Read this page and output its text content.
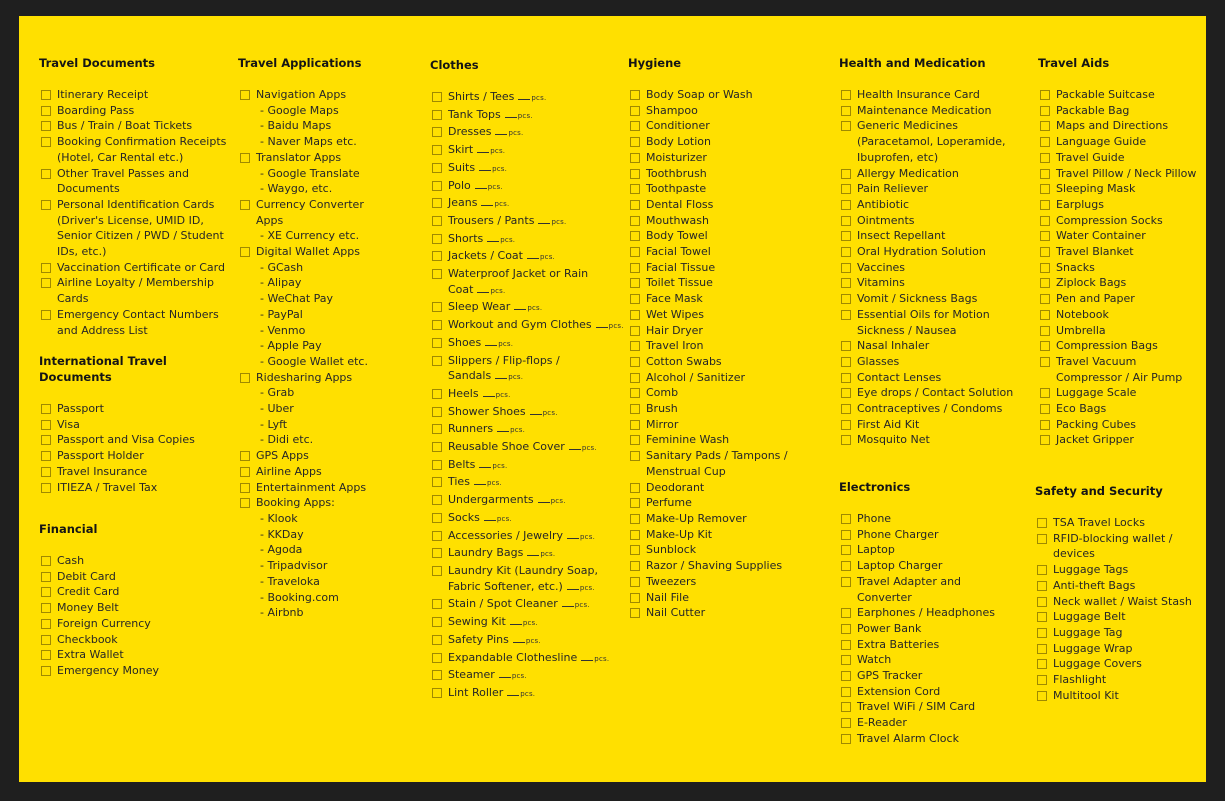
Travel Documents
Itinerary Receipt
Boarding Pass
Bus / Train / Boat Tickets
Booking Confirmation Receipts
(Hotel, Car Rental etc.)
Other Travel Passes and
Documents
Personal Identification Cards
(Driver's License, UMID ID,
Senior Citizen / PWD / Student
IDs, etc.)
Vaccination Certificate or Card
Airline Loyalty / Membership
Cards
Emergency Contact Numbers
and Address List
International Travel
Documents
Passport
Visa
Passport and Visa Copies
Passport Holder
Travel Insurance
ITIEZA / Travel Tax
Financial
Cash
Debit Card
Credit Card
Money Belt
Foreign Currency
Checkbook
Extra Wallet
Emergency Money
Travel Applications
Navigation Apps
- Google Maps
- Baidu Maps
- Naver Maps etc.
Translator Apps
- Google Translate
- Waygo, etc.
Currency Converter
Apps
- XE Currency etc.
Digital Wallet Apps
- GCash
- Alipay
- WeChat Pay
- PayPal
- Venmo
- Apple Pay
- Google Wallet etc.
Ridesharing Apps
- Grab
- Uber
- Lyft
- Didi etc.
GPS Apps
Airline Apps
Entertainment Apps
Booking Apps:
- Klook
- KKDay
- Agoda
- Tripadvisor
- Traveloka
- Booking.com
- Airbnb
Clothes
Shirts / Tees pcs.
Tank Tops pcs.
Dresses pcs.
Skirt pcs.
Suits pcs.
Polo pcs.
Jeans pcs.
Trousers / Pants pcs.
Shorts pcs.
Jackets / Coat pcs.
Waterproof Jacket or Rain
Coat pcs.
Sleep Wear pcs.
Workout and Gym Clothes pcs.
Shoes pcs.
Slippers / Flip-flops /
Sandals pcs.
Heels pcs.
Shower Shoes pcs.
Runners pcs.
Reusable Shoe Cover pcs.
Belts pcs.
Ties pcs.
Undergarments pcs.
Socks pcs.
Accessories / Jewelry pcs.
Laundry Bags pcs.
Laundry Kit (Laundry Soap,
Fabric Softener, etc.) pcs.
Stain / Spot Cleaner pcs.
Sewing Kit pcs.
Safety Pins pcs.
Expandable Clothesline pcs.
Steamer pcs.
Lint Roller pcs.
Hygiene
Body Soap or Wash
Shampoo
Conditioner
Body Lotion
Moisturizer
Toothbrush
Toothpaste
Dental Floss
Mouthwash
Body Towel
Facial Towel
Facial Tissue
Toilet Tissue
Face Mask
Wet Wipes
Hair Dryer
Travel Iron
Cotton Swabs
Alcohol / Sanitizer
Comb
Brush
Mirror
Feminine Wash
Sanitary Pads / Tampons /
Menstrual Cup
Deodorant
Perfume
Make-Up Remover
Make-Up Kit
Sunblock
Razor / Shaving Supplies
Tweezers
Nail File
Nail Cutter
Health and Medication
Health Insurance Card
Maintenance Medication
Generic Medicines
(Paracetamol, Loperamide,
Ibuprofen, etc)
Allergy Medication
Pain Reliever
Antibiotic
Ointments
Insect Repellant
Oral Hydration Solution
Vaccines
Vitamins
Vomit / Sickness Bags
Essential Oils for Motion
Sickness / Nausea
Nasal Inhaler
Glasses
Contact Lenses
Eye drops / Contact Solution
Contraceptives / Condoms
First Aid Kit
Mosquito Net
Electronics
Phone
Phone Charger
Laptop
Laptop Charger
Travel Adapter and
Converter
Earphones / Headphones
Power Bank
Extra Batteries
Watch
GPS Tracker
Extension Cord
Travel WiFi / SIM Card
E-Reader
Travel Alarm Clock
Travel Aids
Packable Suitcase
Packable Bag
Maps and Directions
Language Guide
Travel Guide
Travel Pillow / Neck Pillow
Sleeping Mask
Earplugs
Compression Socks
Water Container
Travel Blanket
Snacks
Ziplock Bags
Pen and Paper
Notebook
Umbrella
Compression Bags
Travel Vacuum
Compressor / Air Pump
Luggage Scale
Eco Bags
Packing Cubes
Jacket Gripper
Safety and Security
TSA Travel Locks
RFID-blocking wallet /
devices
Luggage Tags
Anti-theft Bags
Neck wallet / Waist Stash
Luggage Belt
Luggage Tag
Luggage Wrap
Luggage Covers
Flashlight
Multitool Kit
